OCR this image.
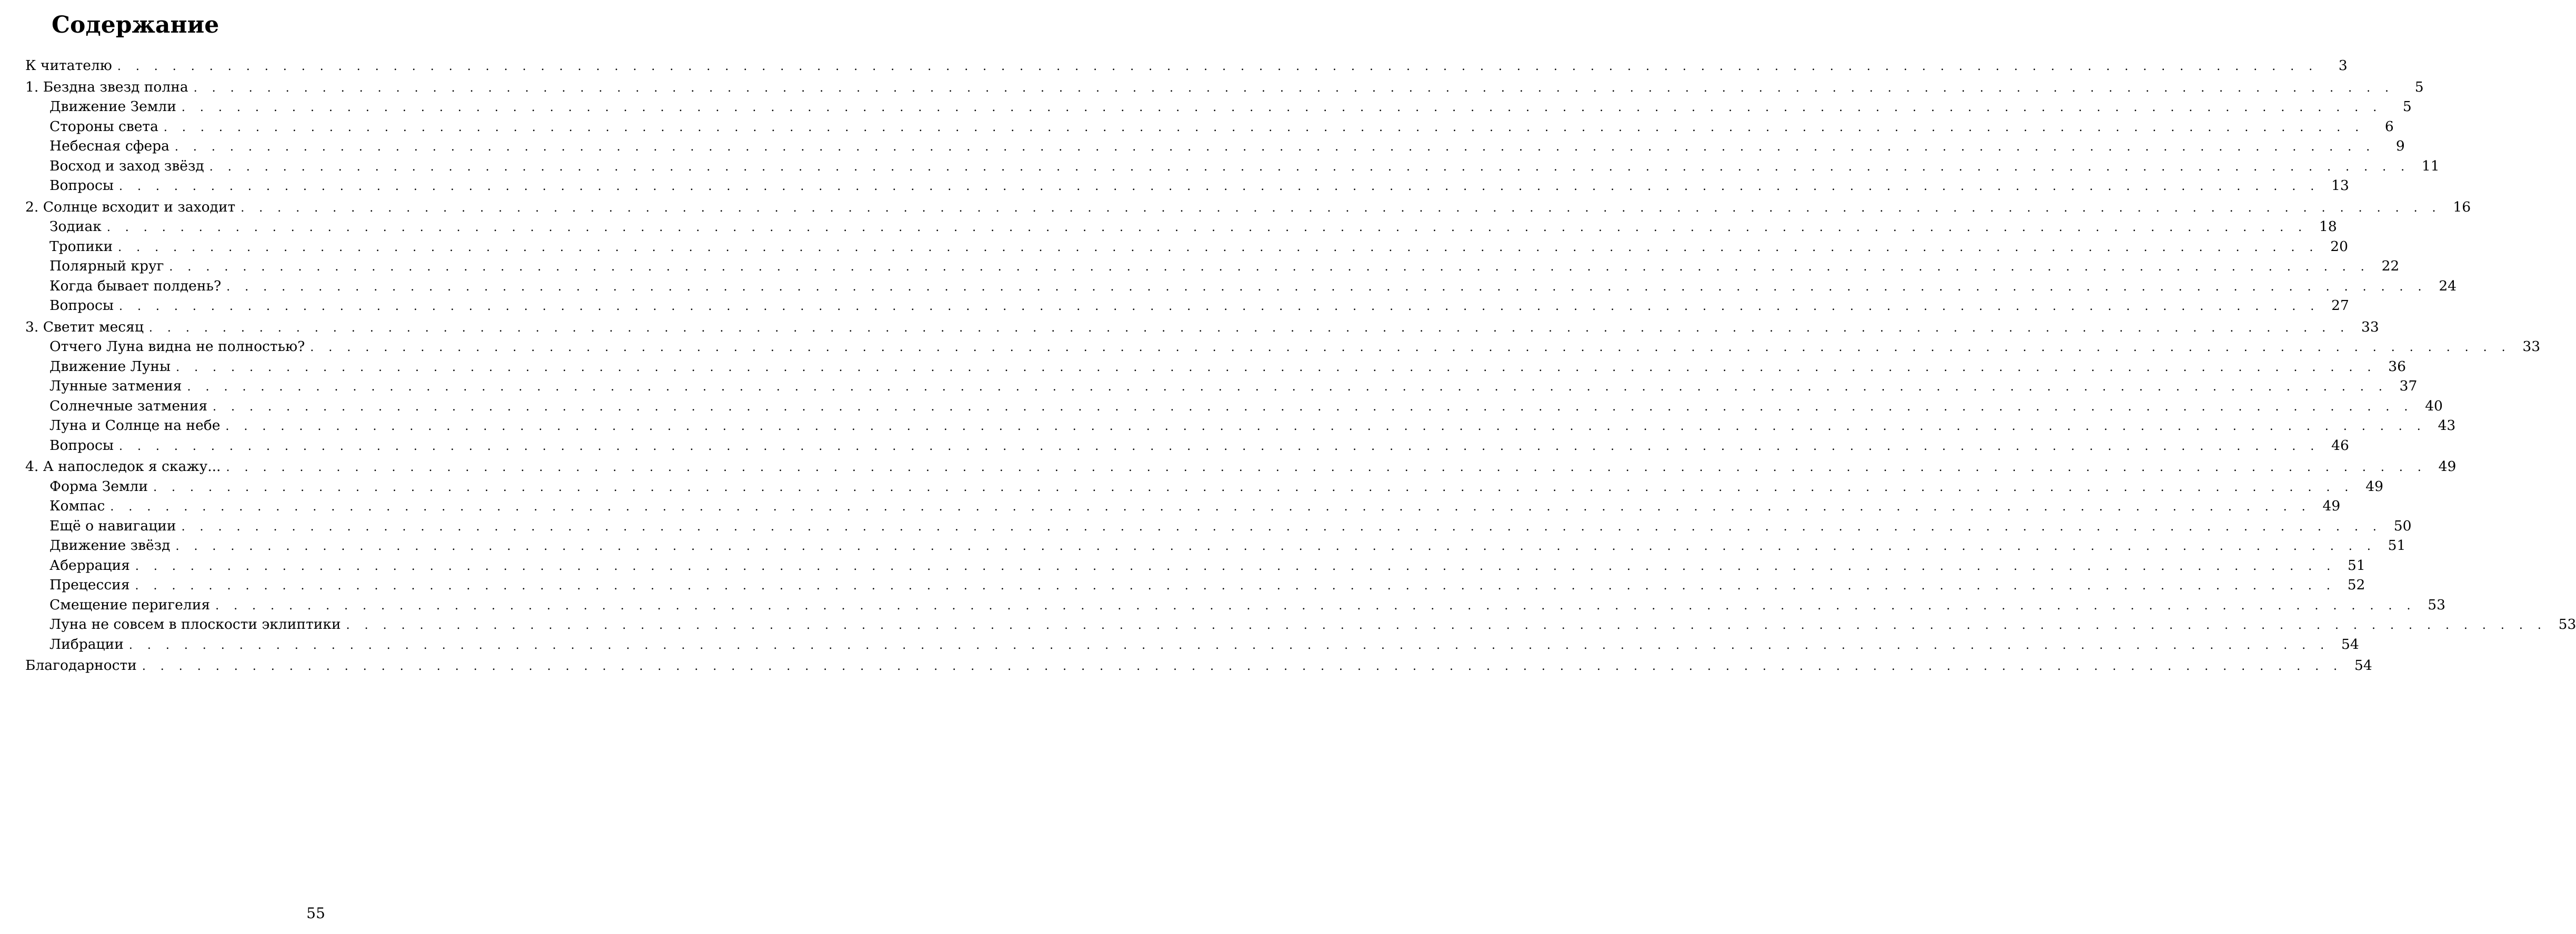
Содержание
К читателю . . . . . . . . . . . . . . . . . . . . . . . . . . . . . . . . . . . . . . . . . . . . . . . . . . . . . . . . . . . . . . . . . . . . . . . . . . . . . . . . . . . . . . . . . . . . . . . . . . . . . . . . . . . . . . . . . . . . . . . .	3
1. Бездна звезд полна . . . . . . . . . . . . . . . . . . . . . . . . . . . . . . . . . . . . . . . . . . . . . . . . . . . . . . . . . . . . . . . . . . . . . . . . . . . . . . . . . . . . . . . . . . . . . . . . . . . . . . . . . . . . . . . . . . . . . . . .	5
Движение Земли . . . . . . . . . . . . . . . . . . . . . . . . . . . . . . . . . . . . . . . . . . . . . . . . . . . . . . . . . . . . . . . . . . . . . . . . . . . . . . . . . . . . . . . . . . . . . . . . . . . . . . . . . . . . . . . . . . . . . . . .	5
Стороны света . . . . . . . . . . . . . . . . . . . . . . . . . . . . . . . . . . . . . . . . . . . . . . . . . . . . . . . . . . . . . . . . . . . . . . . . . . . . . . . . . . . . . . . . . . . . . . . . . . . . . . . . . . . . . . . . . . . . . . . .	6
Небесная сфера . . . . . . . . . . . . . . . . . . . . . . . . . . . . . . . . . . . . . . . . . . . . . . . . . . . . . . . . . . . . . . . . . . . . . . . . . . . . . . . . . . . . . . . . . . . . . . . . . . . . . . . . . . . . . . . . . . . . . . . .	9
Восход и заход звёзд . . . . . . . . . . . . . . . . . . . . . . . . . . . . . . . . . . . . . . . . . . . . . . . . . . . . . . . . . . . . . . . . . . . . . . . . . . . . . . . . . . . . . . . . . . . . . . . . . . . . . . . . . . . . . . . . . . . . . . . . 11
Вопросы . . . . . . . . . . . . . . . . . . . . . . . . . . . . . . . . . . . . . . . . . . . . . . . . . . . . . . . . . . . . . . . . . . . . . . . . . . . . . . . . . . . . . . . . . . . . . . . . . . . . . . . . . . . . . . . . . . . . . . . . 13
2. Солнце всходит и заходит . . . . . . . . . . . . . . . . . . . . . . . . . . . . . . . . . . . . . . . . . . . . . . . . . . . . . . . . . . . . . . . . . . . . . . . . . . . . . . . . . . . . . . . . . . . . . . . . . . . . . . . . . . . . . . . . . . . . . . . . 16
Зодиак . . . . . . . . . . . . . . . . . . . . . . . . . . . . . . . . . . . . . . . . . . . . . . . . . . . . . . . . . . . . . . . . . . . . . . . . . . . . . . . . . . . . . . . . . . . . . . . . . . . . . . . . . . . . . . . . . . . . . . . . 18
Тропики . . . . . . . . . . . . . . . . . . . . . . . . . . . . . . . . . . . . . . . . . . . . . . . . . . . . . . . . . . . . . . . . . . . . . . . . . . . . . . . . . . . . . . . . . . . . . . . . . . . . . . . . . . . . . . . . . . . . . . . . 20
Полярный круг . . . . . . . . . . . . . . . . . . . . . . . . . . . . . . . . . . . . . . . . . . . . . . . . . . . . . . . . . . . . . . . . . . . . . . . . . . . . . . . . . . . . . . . . . . . . . . . . . . . . . . . . . . . . . . . . . . . . . . . . 22
Когда бывает полдень? . . . . . . . . . . . . . . . . . . . . . . . . . . . . . . . . . . . . . . . . . . . . . . . . . . . . . . . . . . . . . . . . . . . . . . . . . . . . . . . . . . . . . . . . . . . . . . . . . . . . . . . . . . . . . . . . . . . . . . . . 24
Вопросы . . . . . . . . . . . . . . . . . . . . . . . . . . . . . . . . . . . . . . . . . . . . . . . . . . . . . . . . . . . . . . . . . . . . . . . . . . . . . . . . . . . . . . . . . . . . . . . . . . . . . . . . . . . . . . . . . . . . . . . . 27
3. Светит месяц . . . . . . . . . . . . . . . . . . . . . . . . . . . . . . . . . . . . . . . . . . . . . . . . . . . . . . . . . . . . . . . . . . . . . . . . . . . . . . . . . . . . . . . . . . . . . . . . . . . . . . . . . . . . . . . . . . . . . . . . 33
Отчего Луна видна не полностью? . . . . . . . . . . . . . . . . . . . . . . . . . . . . . . . . . . . . . . . . . . . . . . . . . . . . . . . . . . . . . . . . . . . . . . . . . . . . . . . . . . . . . . . . . . . . . . . . . . . . . . . . . . . . . . . . . . . . . . . . 33
Движение Луны . . . . . . . . . . . . . . . . . . . . . . . . . . . . . . . . . . . . . . . . . . . . . . . . . . . . . . . . . . . . . . . . . . . . . . . . . . . . . . . . . . . . . . . . . . . . . . . . . . . . . . . . . . . . . . . . . . . . . . . . 36
Лунные затмения . . . . . . . . . . . . . . . . . . . . . . . . . . . . . . . . . . . . . . . . . . . . . . . . . . . . . . . . . . . . . . . . . . . . . . . . . . . . . . . . . . . . . . . . . . . . . . . . . . . . . . . . . . . . . . . . . . . . . . . . 37
Солнечные затмения . . . . . . . . . . . . . . . . . . . . . . . . . . . . . . . . . . . . . . . . . . . . . . . . . . . . . . . . . . . . . . . . . . . . . . . . . . . . . . . . . . . . . . . . . . . . . . . . . . . . . . . . . . . . . . . . . . . . . . . . 40
Луна и Солнце на небе . . . . . . . . . . . . . . . . . . . . . . . . . . . . . . . . . . . . . . . . . . . . . . . . . . . . . . . . . . . . . . . . . . . . . . . . . . . . . . . . . . . . . . . . . . . . . . . . . . . . . . . . . . . . . . . . . . . . . . . . 43
Вопросы . . . . . . . . . . . . . . . . . . . . . . . . . . . . . . . . . . . . . . . . . . . . . . . . . . . . . . . . . . . . . . . . . . . . . . . . . . . . . . . . . . . . . . . . . . . . . . . . . . . . . . . . . . . . . . . . . . . . . . . . 46
4. А напоследок я скажу... . . . . . . . . . . . . . . . . . . . . . . . . . . . . . . . . . . . . . . . . . . . . . . . . . . . . . . . . . . . . . . . . . . . . . . . . . . . . . . . . . . . . . . . . . . . . . . . . . . . . . . . . . . . . . . . . . . . . . . . . 49
Форма Земли . . . . . . . . . . . . . . . . . . . . . . . . . . . . . . . . . . . . . . . . . . . . . . . . . . . . . . . . . . . . . . . . . . . . . . . . . . . . . . . . . . . . . . . . . . . . . . . . . . . . . . . . . . . . . . . . . . . . . . . . 49
Компас . . . . . . . . . . . . . . . . . . . . . . . . . . . . . . . . . . . . . . . . . . . . . . . . . . . . . . . . . . . . . . . . . . . . . . . . . . . . . . . . . . . . . . . . . . . . . . . . . . . . . . . . . . . . . . . . . . . . . . . . 49
Ещё о навигации . . . . . . . . . . . . . . . . . . . . . . . . . . . . . . . . . . . . . . . . . . . . . . . . . . . . . . . . . . . . . . . . . . . . . . . . . . . . . . . . . . . . . . . . . . . . . . . . . . . . . . . . . . . . . . . . . . . . . . . . 50
Движение звёзд . . . . . . . . . . . . . . . . . . . . . . . . . . . . . . . . . . . . . . . . . . . . . . . . . . . . . . . . . . . . . . . . . . . . . . . . . . . . . . . . . . . . . . . . . . . . . . . . . . . . . . . . . . . . . . . . . . . . . . . . 51
Аберрация . . . . . . . . . . . . . . . . . . . . . . . . . . . . . . . . . . . . . . . . . . . . . . . . . . . . . . . . . . . . . . . . . . . . . . . . . . . . . . . . . . . . . . . . . . . . . . . . . . . . . . . . . . . . . . . . . . . . . . . . 51
Прецессия . . . . . . . . . . . . . . . . . . . . . . . . . . . . . . . . . . . . . . . . . . . . . . . . . . . . . . . . . . . . . . . . . . . . . . . . . . . . . . . . . . . . . . . . . . . . . . . . . . . . . . . . . . . . . . . . . . . . . . . . 52
Смещение перигелия . . . . . . . . . . . . . . . . . . . . . . . . . . . . . . . . . . . . . . . . . . . . . . . . . . . . . . . . . . . . . . . . . . . . . . . . . . . . . . . . . . . . . . . . . . . . . . . . . . . . . . . . . . . . . . . . . . . . . . . . 53
Луна не совсем в плоскости эклиптики . . . . . . . . . . . . . . . . . . . . . . . . . . . . . . . . . . . . . . . . . . . . . . . . . . . . . . . . . . . . . . . . . . . . . . . . . . . . . . . . . . . . . . . . . . . . . . . . . . . . . . . . . . . . . . . . . . . . . . . . 53
Либрации . . . . . . . . . . . . . . . . . . . . . . . . . . . . . . . . . . . . . . . . . . . . . . . . . . . . . . . . . . . . . . . . . . . . . . . . . . . . . . . . . . . . . . . . . . . . . . . . . . . . . . . . . . . . . . . . . . . . . . . . 54
Благодарности . . . . . . . . . . . . . . . . . . . . . . . . . . . . . . . . . . . . . . . . . . . . . . . . . . . . . . . . . . . . . . . . . . . . . . . . . . . . . . . . . . . . . . . . . . . . . . . . . . . . . . . . . . . . . . . . . . . . . . . . 54
55
